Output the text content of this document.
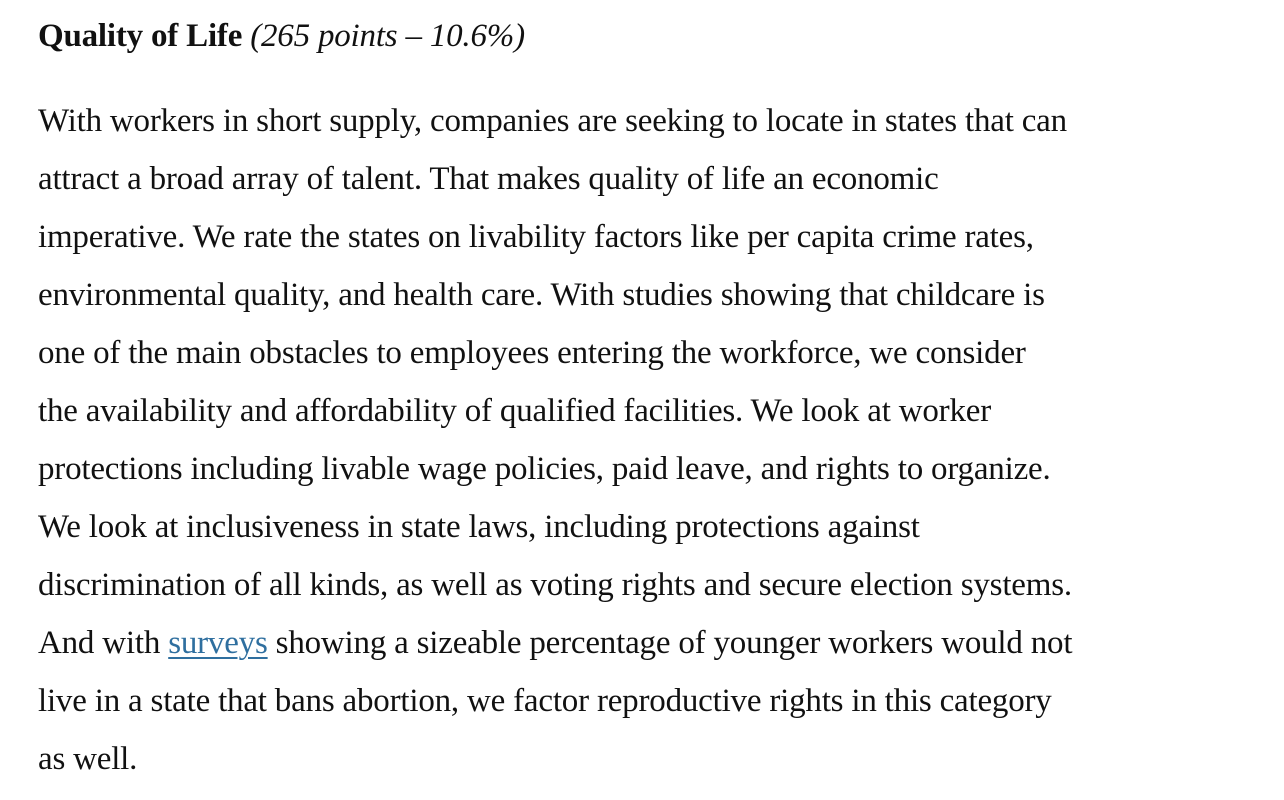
Quality of Life (265 points – 10.6%)

With workers in short supply, companies are seeking to locate in states that can
attract a broad array of talent. That makes quality of life an economic
imperative. We rate the states on livability factors like per capita crime rates,
environmental quality, and health care. With studies showing that childcare is
one of the main obstacles to employees entering the workforce, we consider
the availability and affordability of qualified facilities. We look at worker
protections including livable wage policies, paid leave, and rights to organize.
We look at inclusiveness in state laws, including protections against
discrimination of all kinds, as well as voting rights and secure election systems.
And with surveys showing a sizeable percentage of younger workers would not
live in a state that bans abortion, we factor reproductive rights in this category
as well.
